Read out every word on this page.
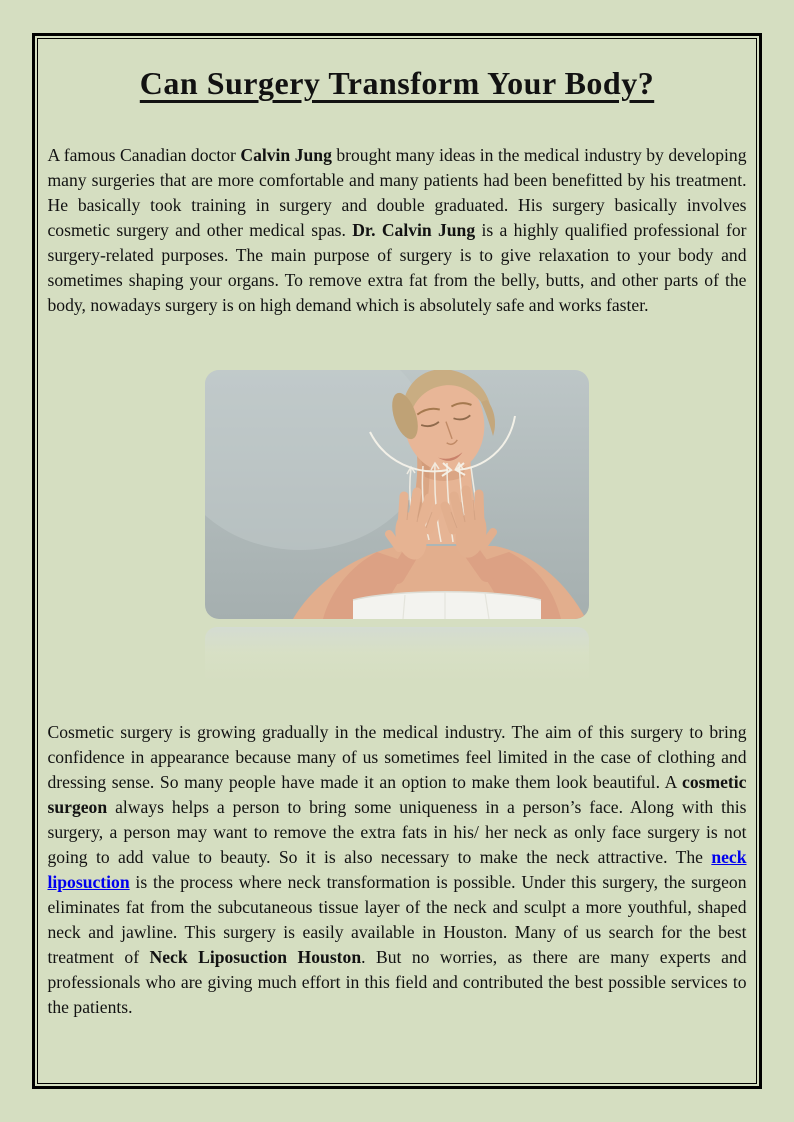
Can Surgery Transform Your Body?

A famous Canadian doctor Calvin Jung brought many ideas in the medical industry by developing many surgeries that are more comfortable and many patients had been benefitted by his treatment. He basically took training in surgery and double graduated. His surgery basically involves cosmetic surgery and other medical spas. Dr. Calvin Jung is a highly qualified professional for surgery-related purposes. The main purpose of surgery is to give relaxation to your body and sometimes shaping your organs. To remove extra fat from the belly, butts, and other parts of the body, nowadays surgery is on high demand which is absolutely safe and works faster.

Cosmetic surgery is growing gradually in the medical industry. The aim of this surgery to bring confidence in appearance because many of us sometimes feel limited in the case of clothing and dressing sense. So many people have made it an option to make them look beautiful. A cosmetic surgeon always helps a person to bring some uniqueness in a person’s face. Along with this surgery, a person may want to remove the extra fats in his/ her neck as only face surgery is not going to add value to beauty. So it is also necessary to make the neck attractive. The neck liposuction is the process where neck transformation is possible. Under this surgery, the surgeon eliminates fat from the subcutaneous tissue layer of the neck and sculpt a more youthful, shaped neck and jawline. This surgery is easily available in Houston. Many of us search for the best treatment of Neck Liposuction Houston. But no worries, as there are many experts and professionals who are giving much effort in this field and contributed the best possible services to the patients.
